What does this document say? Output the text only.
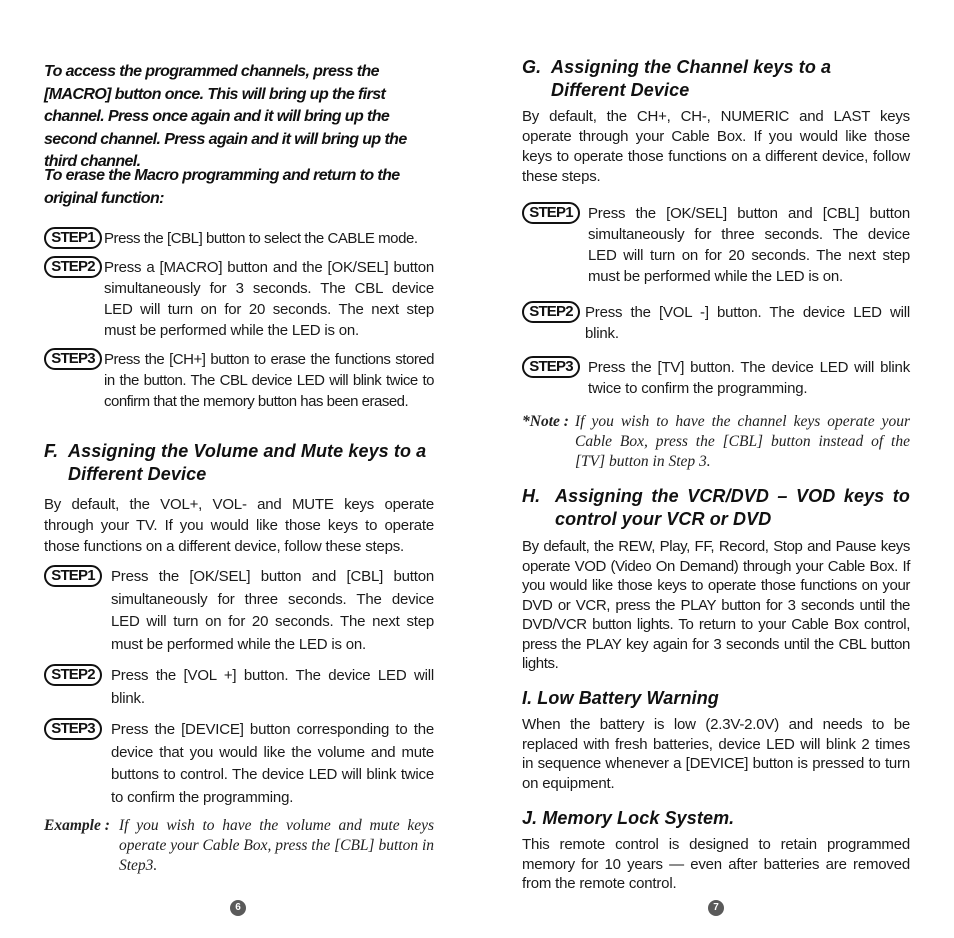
To access the programmed channels, press the [MACRO] button once. This will bring up the first channel. Press once again and it will bring up the second channel. Press again and it will bring up the third channel.

To erase the Macro programming and return to the original function:

STEP1 Press the [CBL] button to select the CABLE mode.

STEP2 Press a [MACRO] button and the [OK/SEL] button simultaneously for 3 seconds. The CBL device LED will turn on for 20 seconds. The next step must be performed while the LED is on.

STEP3 Press the [CH+] button to erase the functions stored in the button. The CBL device LED will blink twice to confirm that the memory button has been erased.

F. Assigning the Volume and Mute keys to a Different Device

By default, the VOL+, VOL- and MUTE keys operate through your TV. If you would like those keys to operate those functions on a different device, follow these steps.

STEP1	Press the [OK/SEL] button and [CBL] button simultaneously for three seconds. The device LED will turn on for 20 seconds. The next step must be performed while the LED is on.

STEP2	Press the [VOL +] button. The device LED will blink.

STEP3	Press the [DEVICE] button corresponding to the device that you would like the volume and mute buttons to control. The device LED will blink twice to confirm the programming.

Example : If you wish to have the volume and mute keys operate your Cable Box, press the [CBL] button in Step3.
6
G. Assigning the Channel keys to a Different Device

By default, the CH+, CH-, NUMERIC and LAST keys operate through your Cable Box. If you would like those keys to operate those functions on a different device, follow these steps.

STEP1	Press the [OK/SEL] button and [CBL] button simultaneously for three seconds. The device LED will turn on for 20 seconds. The next step must be performed while the LED is on.

STEP2 Press the [VOL -] button. The device LED will blink.

STEP3	Press the [TV] button. The device LED will blink twice to confirm the programming.

*Note : If you wish to have the channel keys operate your Cable Box, press the [CBL] button instead of the [TV] button in Step 3.
H. Assigning the VCR/DVD – VOD keys to control your VCR or DVD

By default, the REW, Play, FF, Record, Stop and Pause keys operate VOD (Video On Demand) through your Cable Box. If you would like those keys to operate those functions on your DVD or VCR, press the PLAY button for 3 seconds until the DVD/VCR button lights. To return to your Cable Box control, press the PLAY key again for 3 seconds until the CBL button lights.

I. Low Battery Warning

When the battery is low (2.3V-2.0V) and needs to be replaced with fresh batteries, device LED will blink 2 times in sequence whenever a [DEVICE] button is pressed to turn on equipment.

J. Memory Lock System.

This remote control is designed to retain programmed memory for 10 years — even after batteries are removed from the remote control.

7
